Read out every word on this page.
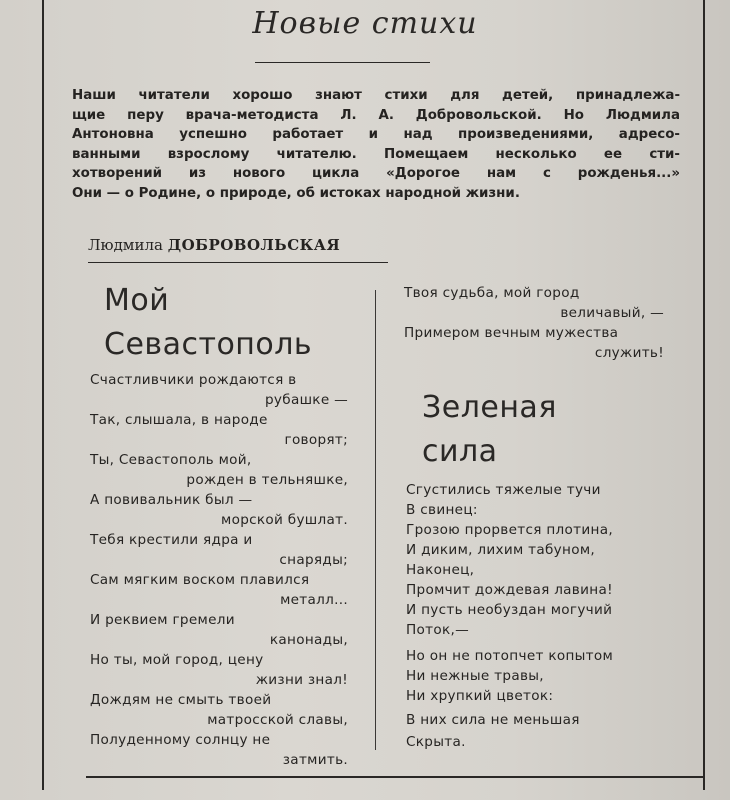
Новые стихи
Наши читатели хорошо знают стихи для детей, принадлежа-
щие перу врача-методиста Л. А. Добровольской. Но Людмила
Антоновна успешно работает и над произведениями, адресо-
ванными взрослому читателю. Помещаем несколько ее сти-
хотворений из нового цикла «Дорогое нам с рожденья...»
Они — о Родине, о природе, об истоках народной жизни.
Людмила ДОБРОВОЛЬСКАЯ
Мой
Севастополь
Счастливчики рождаются в
рубашке —
Так, слышала, в народе
говорят;
Ты, Севастополь мой,
рожден в тельняшке,
А повивальник был —
морской бушлат.
Тебя крестили ядра и
снаряды;
Сам мягким воском плавился
металл...
И реквием гремели
канонады,
Но ты, мой город, цену
жизни знал!
Дождям не смыть твоей
матросской славы,
Полуденному солнцу не
затмить.
Твоя судьба, мой город
величавый, —
Примером вечным мужества
служить!
Зеленая
сила
Сгустились тяжелые тучи
В свинец:
Грозою прорвется плотина,
И диким, лихим табуном,
Наконец,
Промчит дождевая лавина!
И пусть необуздан могучий
Поток,—
Но он не потопчет копытом
Ни нежные травы,
Ни хрупкий цветок:
В них сила не меньшая
Скрыта.
